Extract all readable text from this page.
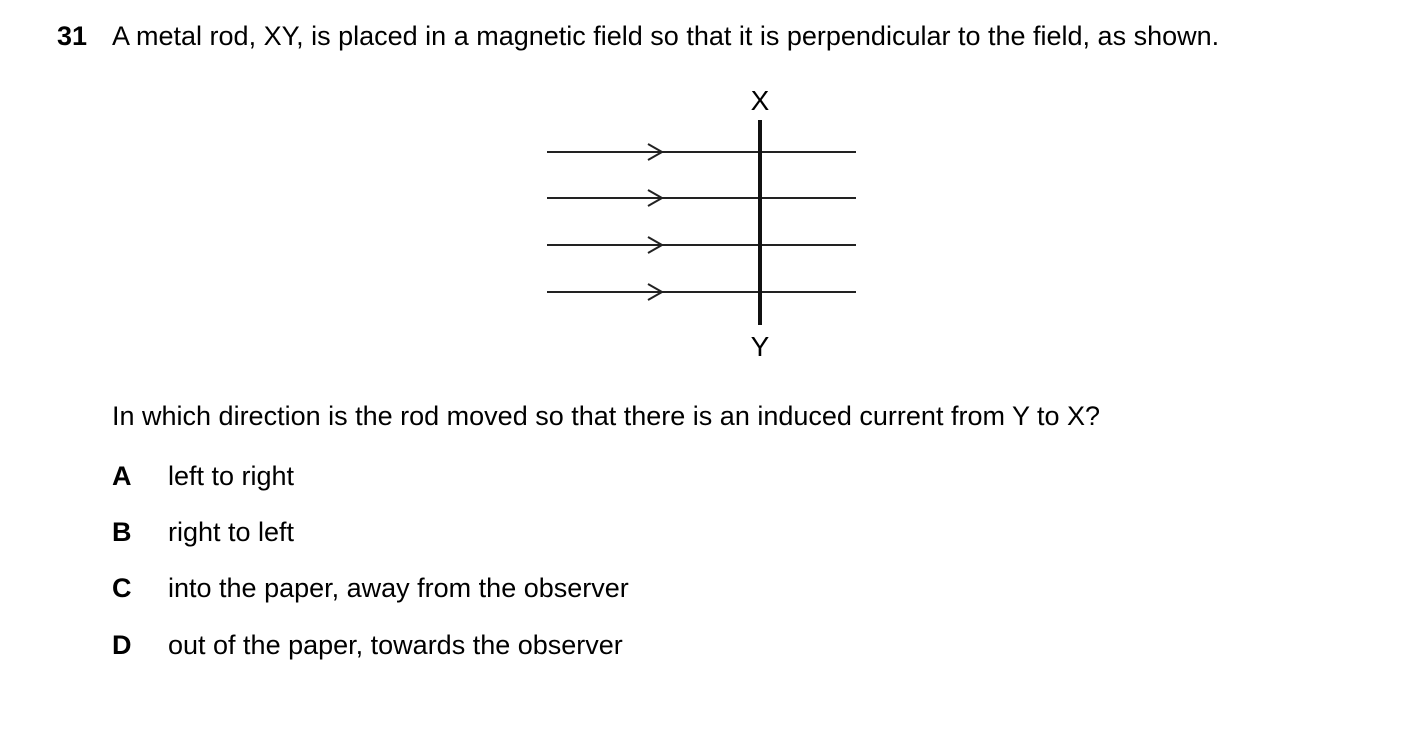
31 A metal rod, XY, is placed in a magnetic field so that it is perpendicular to the field, as shown.
X
Y
In which direction is the rod moved so that there is an induced current from Y to X?
A left to right
B right to left
C into the paper, away from the observer
D out of the paper, towards the observer
